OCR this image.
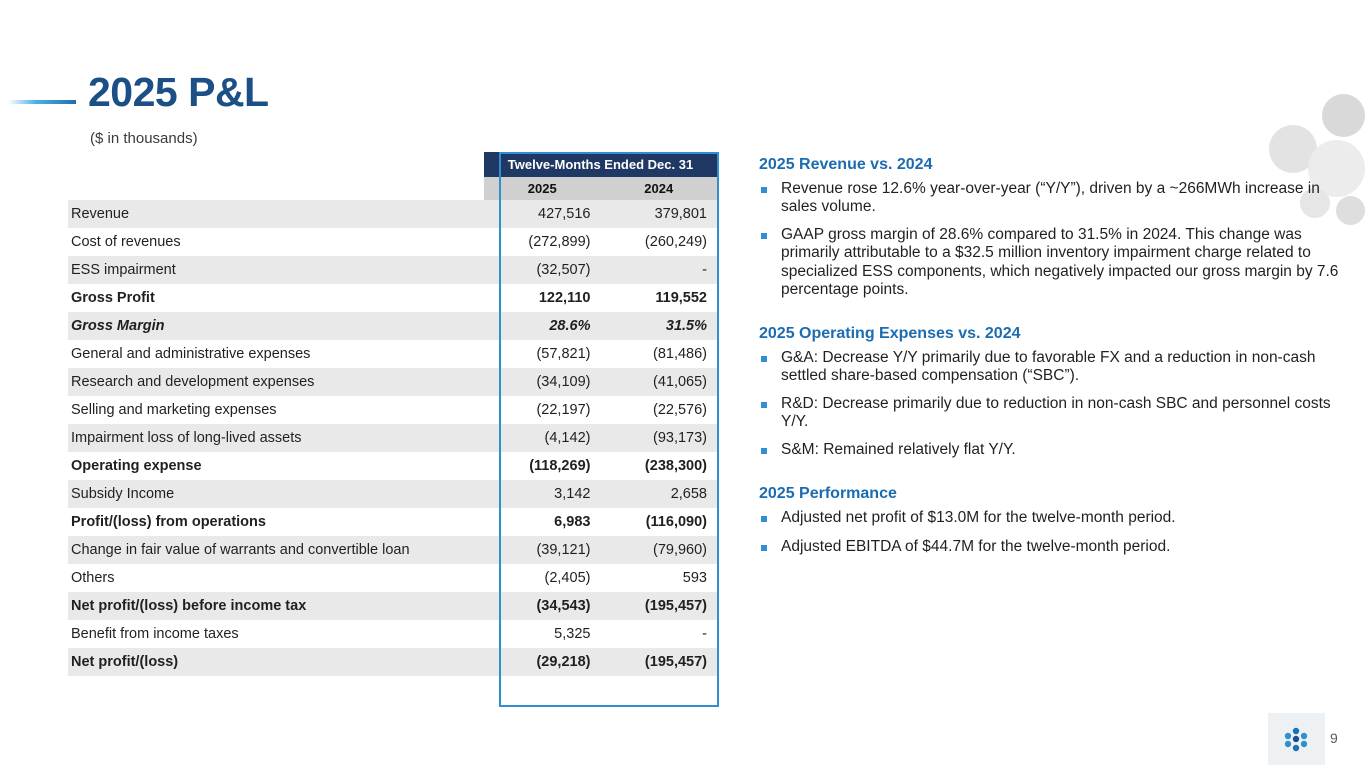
2025 P&L
($ in thousands)
	Twelve-Months Ended Dec. 31	
	2025	2024
Revenue	427,516	379,801
Cost of revenues	(272,899)	(260,249)
ESS impairment	(32,507)	-
Gross Profit	122,110	119,552
Gross Margin	28.6%	31.5%
General and administrative expenses	(57,821)	(81,486)
Research and development expenses	(34,109)	(41,065)
Selling and marketing expenses	(22,197)	(22,576)
Impairment loss of long-lived assets	(4,142)	(93,173)
Operating expense	(118,269)	(238,300)
Subsidy Income	3,142	2,658
Profit/(loss) from operations	6,983	(116,090)
Change in fair value of warrants and convertible loan	(39,121)	(79,960)
Others	(2,405)	593
Net profit/(loss) before income tax	(34,543)	(195,457)
Benefit from income taxes	5,325	-
Net profit/(loss)	(29,218)	(195,457)
2025 Revenue vs. 2024
Revenue rose 12.6% year-over-year (“Y/Y”), driven by a ~266MWh increase in sales volume.
GAAP gross margin of 28.6% compared to 31.5% in 2024. This change was primarily attributable to a $32.5 million inventory impairment charge related to specialized ESS components, which negatively impacted our gross margin by 7.6 percentage points.
2025 Operating Expenses vs. 2024
G&A: Decrease Y/Y primarily due to favorable FX and a reduction in non-cash settled share-based compensation (“SBC”).
R&D: Decrease primarily due to reduction in non-cash SBC and personnel costs Y/Y.
S&M: Remained relatively flat Y/Y.
2025 Performance
Adjusted net profit of $13.0M for the twelve-month period.
Adjusted EBITDA of $44.7M for the twelve-month period.
9
